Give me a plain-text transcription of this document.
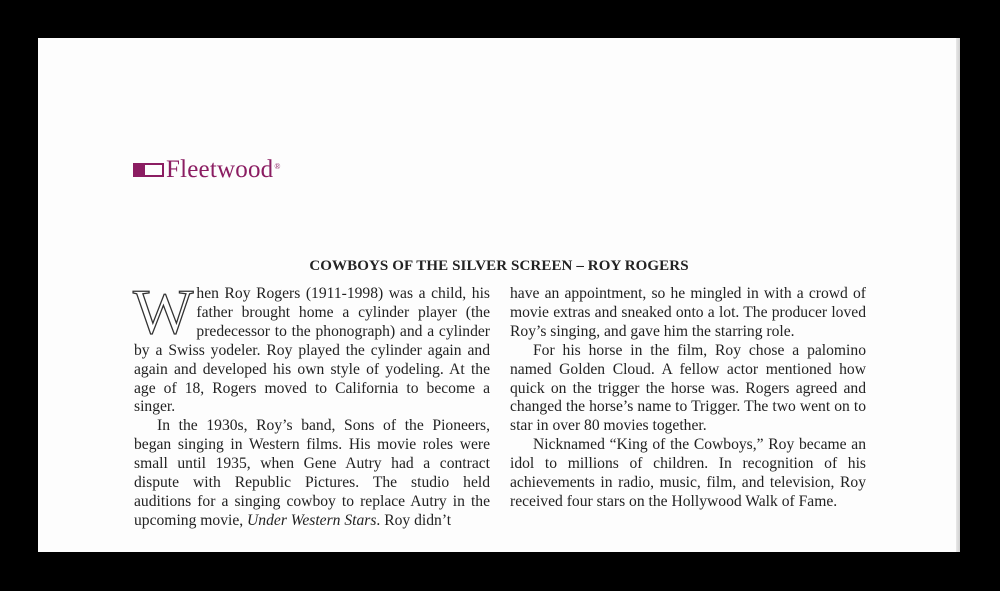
Fleetwood ®
COWBOYS OF THE SILVER SCREEN – ROY ROGERS

When Roy Rogers (1911-1998) was a child, his father brought home a cylinder player (the predecessor to the phonograph) and a cylinder by a Swiss yodeler. Roy played the cylinder again and again and developed his own style of yodeling. At the age of 18, Rogers moved to California to become a singer.

In the 1930s, Roy’s band, Sons of the Pioneers, began singing in Western films. His movie roles were small until 1935, when Gene Autry had a contract dispute with Republic Pictures. The studio held auditions for a singing cowboy to replace Autry in the upcoming movie, Under Western Stars. Roy didn’t

have an appointment, so he mingled in with a crowd of movie extras and sneaked onto a lot. The producer loved Roy’s singing, and gave him the starring role.

For his horse in the film, Roy chose a palomino named Golden Cloud. A fellow actor mentioned how quick on the trigger the horse was. Rogers agreed and changed the horse’s name to Trigger. The two went on to star in over 80 movies together.

Nicknamed “King of the Cowboys,” Roy became an idol to millions of children. In recognition of his achievements in radio, music, film, and television, Roy received four stars on the Hollywood Walk of Fame.
